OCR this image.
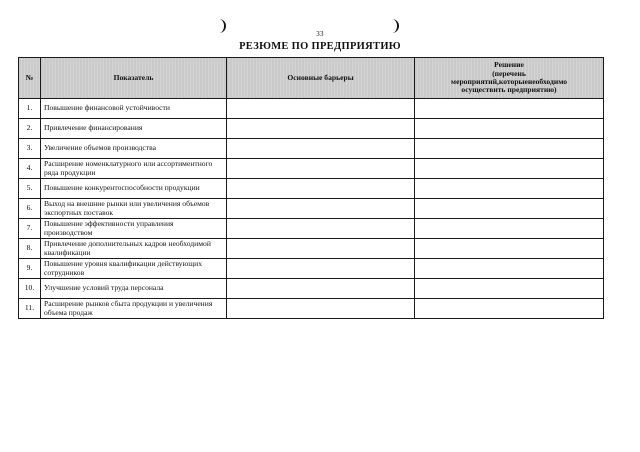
33
РЕЗЮМЕ ПО ПРЕДПРИЯТИЮ
№	Показатель	Основные барьеры	Решение
(перечень
мероприятий,которыенеобходимо
осуществить предприятию)

1.	Повышение финансовой устойчивости		
2.	Привлечение финансирования		
3.	Увеличение объемов производства		
4.	Расширение номенклатурного или ассортиментного ряда продукции		
5.	Повышение конкурентоспособности продукции		
6.	Выход на внешние рынки или увеличения объемов экспортных поставок		
7.	Повышение эффективности управления производством		
8.	Привлечение дополнительных кадров необходимой квалификации		
9.	Повышение уровня квалификации действующих сотрудников		
10.	Улучшение условий труда персонала		
11.	Расширение рынков сбыта продукции и увеличения объема продаж		
